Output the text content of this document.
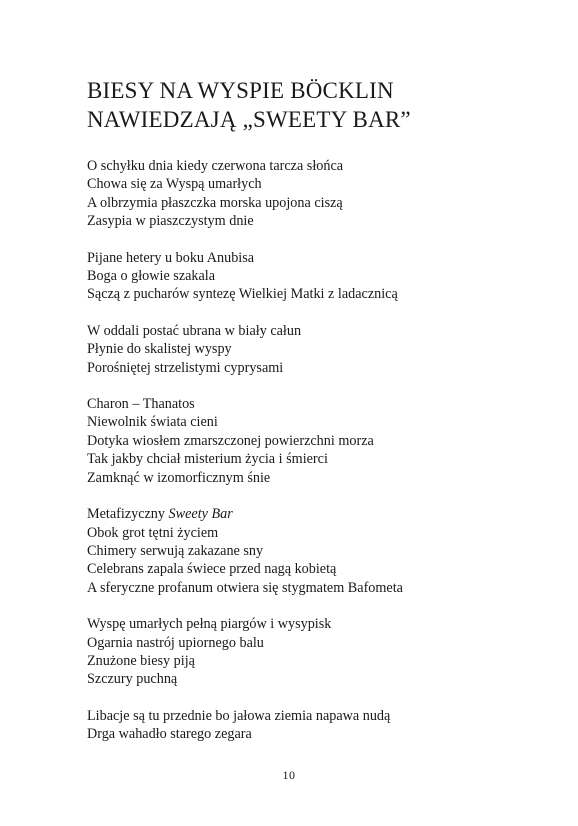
BIESY NA WYSPIE BÖCKLIN
NAWIEDZAJĄ „SWEETY BAR”
O schyłku dnia kiedy czerwona tarcza słońca
Chowa się za Wyspą umarłych
A olbrzymia płaszczka morska upojona ciszą
Zasypia w piaszczystym dnie
Pijane hetery u boku Anubisa
Boga o głowie szakala
Sączą z pucharów syntezę Wielkiej Matki z ladacznicą
W oddali postać ubrana w biały całun
Płynie do skalistej wyspy
Porośniętej strzelistymi cyprysami
Charon – Thanatos
Niewolnik świata cieni
Dotyka wiosłem zmarszczonej powierzchni morza
Tak jakby chciał misterium życia i śmierci
Zamknąć w izomorficznym śnie
Metafizyczny Sweety Bar
Obok grot tętni życiem
Chimery serwują zakazane sny
Celebrans zapala świece przed nagą kobietą
A sferyczne profanum otwiera się stygmatem Bafometa
Wyspę umarłych pełną piargów i wysypisk
Ogarnia nastrój upiornego balu
Znużone biesy piją
Szczury puchną
Libacje są tu przednie bo jałowa ziemia napawa nudą
Drga wahadło starego zegara
10
